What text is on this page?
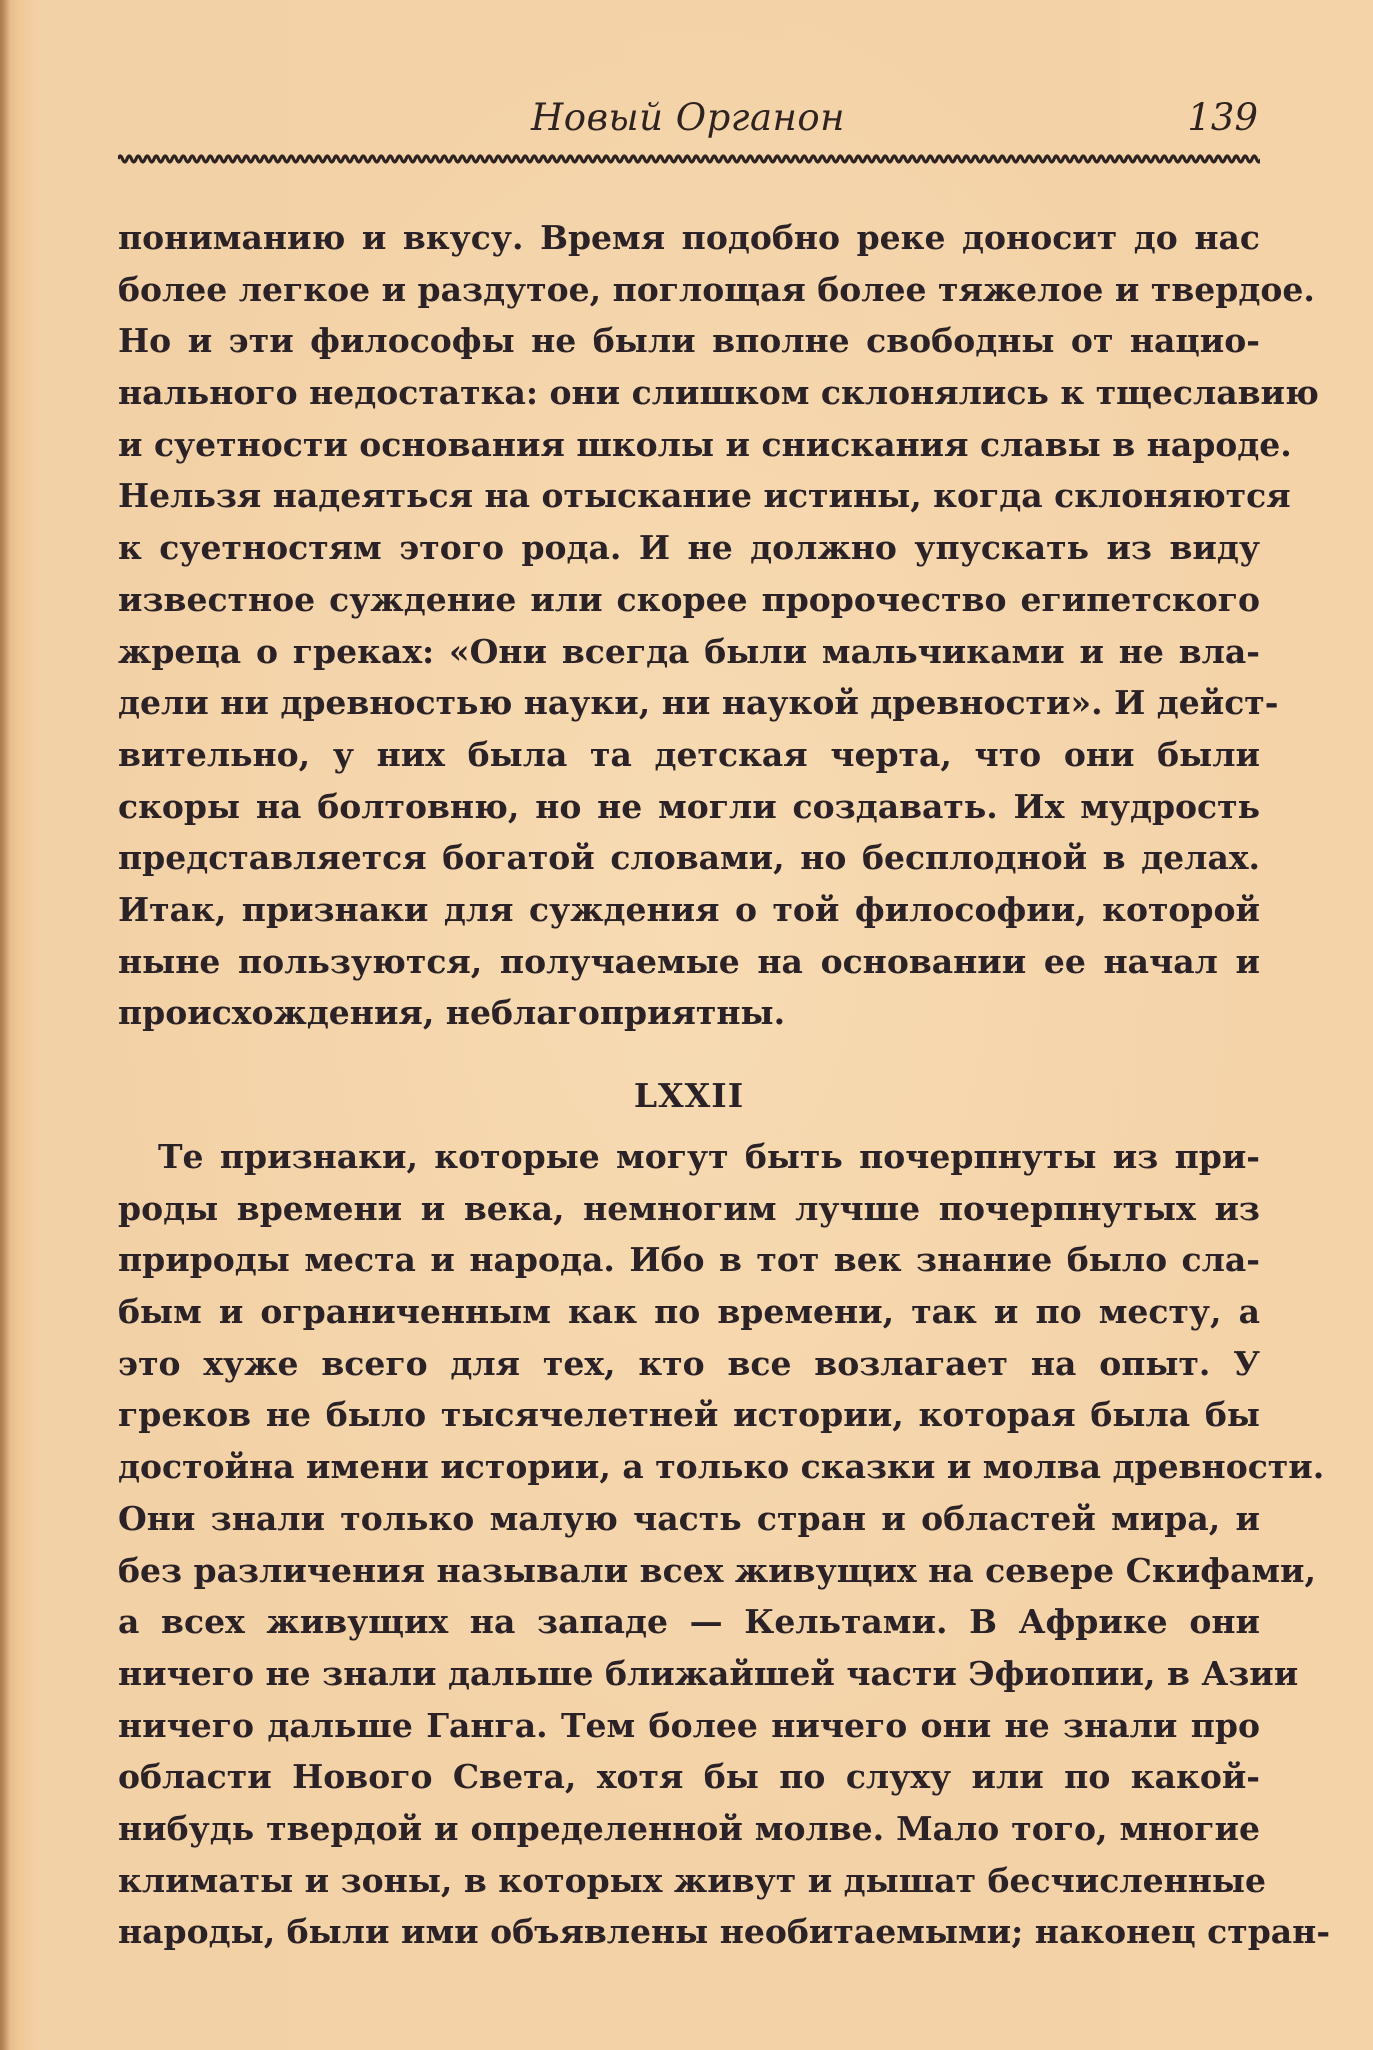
Новый Органон	139
пониманию и вкусу. Время подобно реке доносит до нас
более легкое и раздутое, поглощая более тяжелое и твердое.
Но и эти философы не были вполне свободны от нацио-
нального недостатка: они слишком склонялись к тщеславию
и суетности основания школы и снискания славы в народе.
Нельзя надеяться на отыскание истины, когда склоняются
к суетностям этого рода. И не должно упускать из виду
известное суждение или скорее пророчество египетского
жреца о греках: «Они всегда были мальчиками и не вла-
дели ни древностью науки, ни наукой древности». И дейст-
вительно, у них была та детская черта, что они были
скоры на болтовню, но не могли создавать. Их мудрость
представляется богатой словами, но бесплодной в делах.
Итак, признаки для суждения о той философии, которой
ныне пользуются, получаемые на основании ее начал и
происхождения, неблагоприятны.
LXXII
Те признаки, которые могут быть почерпнуты из при-
роды времени и века, немногим лучше почерпнутых из
природы места и народа. Ибо в тот век знание было сла-
бым и ограниченным как по времени, так и по месту, а
это хуже всего для тех, кто все возлагает на опыт. У
греков не было тысячелетней истории, которая была бы
достойна имени истории, а только сказки и молва древности.
Они знали только малую часть стран и областей мира, и
без различения называли всех живущих на севере Скифами,
а всех живущих на западе — Кельтами. В Африке они
ничего не знали дальше ближайшей части Эфиопии, в Азии
ничего дальше Ганга. Тем более ничего они не знали про
области Нового Света, хотя бы по слуху или по какой-
нибудь твердой и определенной молве. Мало того, многие
климаты и зоны, в которых живут и дышат бесчисленные
народы, были ими объявлены необитаемыми; наконец стран-
